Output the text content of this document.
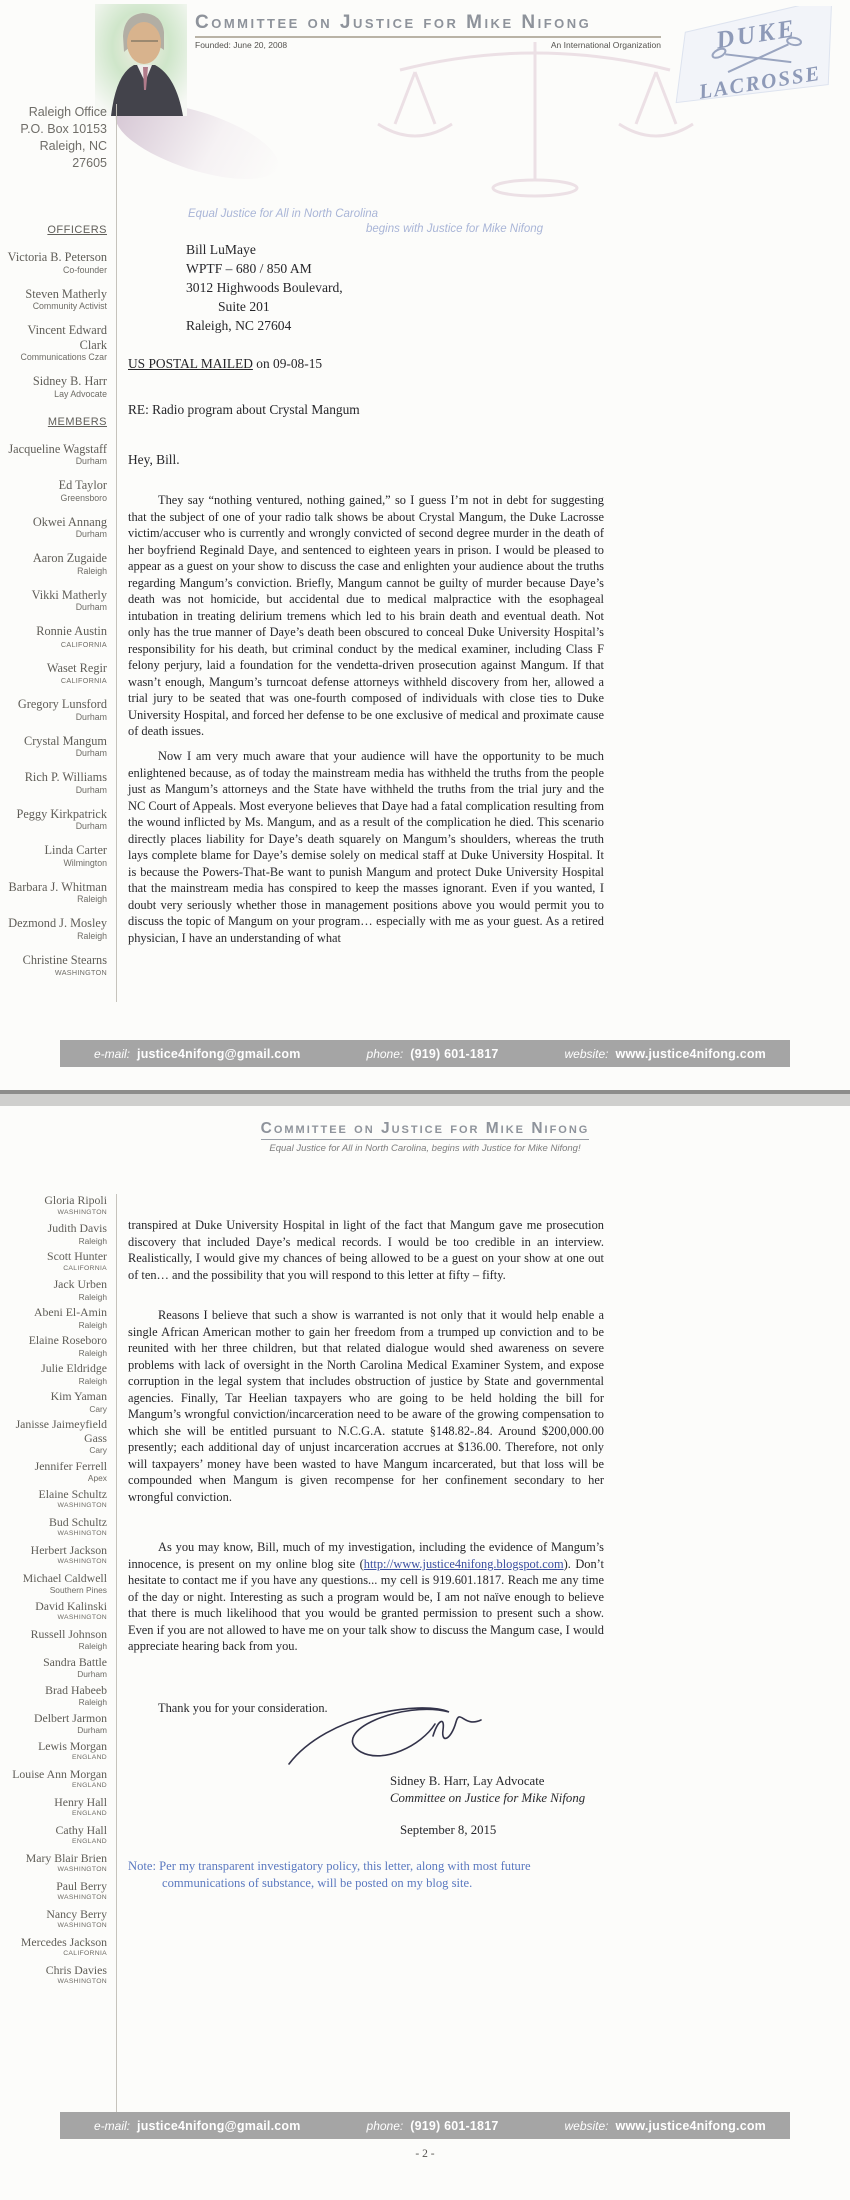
Committee on Justice for Mike Nifong
Founded: June 20, 2008	An International Organization DUKE
LACROSSE
Equal Justice for All in North Carolina
begins with Justice for Mike Nifong
Raleigh Office
P.O. Box 10153
Raleigh, NC
27605
OFFICERS
Victoria B. Peterson
Co-founder
Steven Matherly
Community Activist
Vincent Edward Clark
Communications Czar
Sidney B. Harr
Lay Advocate
MEMBERS
Jacqueline Wagstaff
Durham
Ed Taylor
Greensboro
Okwei Annang
Durham
Aaron Zugaide
Raleigh
Vikki Matherly
Durham
Ronnie Austin
CALIFORNIA
Waset Regir
CALIFORNIA
Gregory Lunsford
Durham
Crystal Mangum
Durham
Rich P. Williams
Durham
Peggy Kirkpatrick
Durham
Linda Carter
Wilmington
Barbara J. Whitman
Raleigh
Dezmond J. Mosley
Raleigh
Christine Stearns
WASHINGTON
Bill LuMaye
WPTF – 680 / 850 AM
3012 Highwoods Boulevard,
Suite 201
Raleigh, NC 27604
US POSTAL MAILED on 09-08-15
RE: Radio program about Crystal Mangum
Hey, Bill.

They say “nothing ventured, nothing gained,” so I guess I’m not in debt for suggesting that the subject of one of your radio talk shows be about Crystal Mangum, the Duke Lacrosse victim/accuser who is currently and wrongly convicted of second degree murder in the death of her boyfriend Reginald Daye, and sentenced to eighteen years in prison. I would be pleased to appear as a guest on your show to discuss the case and enlighten your audience about the truths regarding Mangum’s conviction. Briefly, Mangum cannot be guilty of murder because Daye’s death was not homicide, but accidental due to medical malpractice with the esophageal intubation in treating delirium tremens which led to his brain death and eventual death. Not only has the true manner of Daye’s death been obscured to conceal Duke University Hospital’s responsibility for his death, but criminal conduct by the medical examiner, including Class F felony perjury, laid a foundation for the vendetta-driven prosecution against Mangum. If that wasn’t enough, Mangum’s turncoat defense attorneys withheld discovery from her, allowed a trial jury to be seated that was one-fourth composed of individuals with close ties to Duke University Hospital, and forced her defense to be one exclusive of medical and proximate cause of death issues.

Now I am very much aware that your audience will have the opportunity to be much enlightened because, as of today the mainstream media has withheld the truths from the people just as Mangum’s attorneys and the State have withheld the truths from the trial jury and the NC Court of Appeals. Most everyone believes that Daye had a fatal complication resulting from the wound inflicted by Ms. Mangum, and as a result of the complication he died. This scenario directly places liability for Daye’s death squarely on Mangum’s shoulders, whereas the truth lays complete blame for Daye’s demise solely on medical staff at Duke University Hospital. It is because the Powers-That-Be want to punish Mangum and protect Duke University Hospital that the mainstream media has conspired to keep the masses ignorant. Even if you wanted, I doubt very seriously whether those in management positions above you would permit you to discuss the topic of Mangum on your program… especially with me as your guest. As a retired physician, I have an understanding of what

e-mail: justice4nifong@gmail.com	phone: (919) 601-1817	website: www.justice4nifong.com
Committee on Justice for Mike Nifong
Equal Justice for All in North Carolina, begins with Justice for Mike Nifong!
Gloria Ripoli
WASHINGTON
Judith Davis
Raleigh
Scott Hunter
CALIFORNIA
Jack Urben
Raleigh
Abeni El-Amin
Raleigh
Elaine Roseboro
Raleigh
Julie Eldridge
Raleigh
Kim Yaman
Cary
Janisse Jaimeyfield Gass
Cary
Jennifer Ferrell
Apex
Elaine Schultz
WASHINGTON
Bud Schultz
WASHINGTON
Herbert Jackson
WASHINGTON
Michael Caldwell
Southern Pines
David Kalinski
WASHINGTON
Russell Johnson
Raleigh
Sandra Battle
Durham
Brad Habeeb
Raleigh
Delbert Jarmon
Durham
Lewis Morgan
ENGLAND
Louise Ann Morgan
ENGLAND
Henry Hall
ENGLAND
Cathy Hall
ENGLAND
Mary Blair Brien
WASHINGTON
Paul Berry
WASHINGTON
Nancy Berry
WASHINGTON
Mercedes Jackson
CALIFORNIA
Chris Davies
WASHINGTON

transpired at Duke University Hospital in light of the fact that Mangum gave me prosecution discovery that included Daye’s medical records. I would be too credible in an interview. Realistically, I would give my chances of being allowed to be a guest on your show at one out of ten… and the possibility that you will respond to this letter at fifty – fifty.

Reasons I believe that such a show is warranted is not only that it would help enable a single African American mother to gain her freedom from a trumped up conviction and to be reunited with her three children, but that related dialogue would shed awareness on severe problems with lack of oversight in the North Carolina Medical Examiner System, and expose corruption in the legal system that includes obstruction of justice by State and governmental agencies. Finally, Tar Heelian taxpayers who are going to be held holding the bill for Mangum’s wrongful conviction/incarceration need to be aware of the growing compensation to which she will be entitled pursuant to N.C.G.A. statute §148.82-.84. Around $200,000.00 presently; each additional day of unjust incarceration accrues at $136.00. Therefore, not only will taxpayers’ money have been wasted to have Mangum incarcerated, but that loss will be compounded when Mangum is given recompense for her confinement secondary to her wrongful conviction.

As you may know, Bill, much of my investigation, including the evidence of Mangum’s innocence, is present on my online blog site (http://www.justice4nifong.blogspot.com). Don’t hesitate to contact me if you have any questions... my cell is 919.601.1817. Reach me any time of the day or night. Interesting as such a program would be, I am not naïve enough to believe that there is much likelihood that you would be granted permission to present such a show. Even if you are not allowed to have me on your talk show to discuss the Mangum case, I would appreciate hearing back from you.

Thank you for your consideration.

Sidney B. Harr, Lay Advocate
Committee on Justice for Mike Nifong
September 8, 2015
Note: Per my transparent investigatory policy, this letter, along with most future communications of substance, will be posted on my blog site.
e-mail: justice4nifong@gmail.com	phone: (919) 601-1817	website: www.justice4nifong.com
- 2 -
